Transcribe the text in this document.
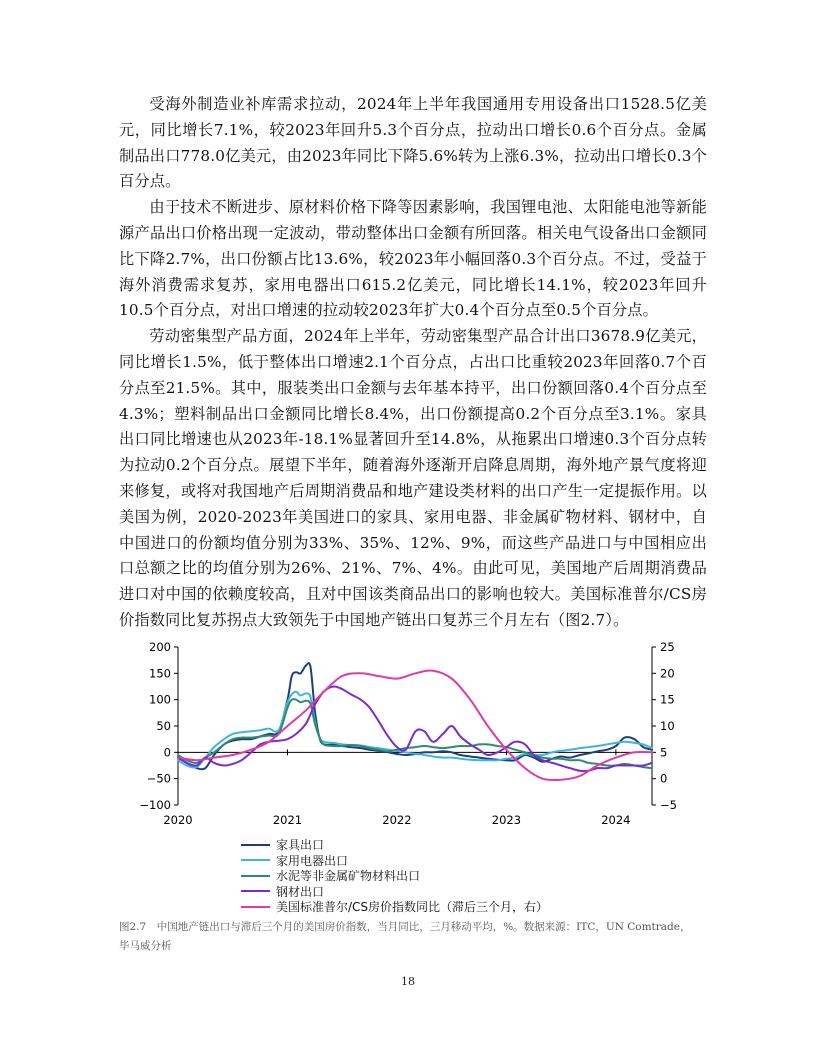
受海外制造业补库需求拉动，2024年上半年我国通用专用设备出口1528.5亿美元，同比增长7.1%，较2023年回升5.3个百分点，拉动出口增长0.6个百分点。金属制品出口778.0亿美元，由2023年同比下降5.6%转为上涨6.3%，拉动出口增长0.3个百分点。

由于技术不断进步、原材料价格下降等因素影响，我国锂电池、太阳能电池等新能源产品出口价格出现一定波动，带动整体出口金额有所回落。相关电气设备出口金额同比下降2.7%，出口份额占比13.6%，较2023年小幅回落0.3个百分点。不过，受益于海外消费需求复苏，家用电器出口615.2亿美元，同比增长14.1%，较2023年回升10.5个百分点，对出口增速的拉动较2023年扩大0.4个百分点至0.5个百分点。

劳动密集型产品方面，2024年上半年，劳动密集型产品合计出口3678.9亿美元，同比增长1.5%，低于整体出口增速2.1个百分点，占出口比重较2023年回落0.7个百分点至21.5%。其中，服装类出口金额与去年基本持平，出口份额回落0.4个百分点至4.3%；塑料制品出口金额同比增长8.4%，出口份额提高0.2个百分点至3.1%。家具出口同比增速也从2023年-18.1%显著回升至14.8%，从拖累出口增速0.3个百分点转为拉动0.2个百分点。展望下半年，随着海外逐渐开启降息周期，海外地产景气度将迎来修复，或将对我国地产后周期消费品和地产建设类材料的出口产生一定提振作用。以美国为例，2020-2023年美国进口的家具、家用电器、非金属矿物材料、钢材中，自中国进口的份额均值分别为33%、35%、12%、9%，而这些产品进口与中国相应出口总额之比的均值分别为26%、21%、7%、4%。由此可见，美国地产后周期消费品进口对中国的依赖度较高，且对中国该类商品出口的影响也较大。美国标准普尔/CS房价指数同比复苏拐点大致领先于中国地产链出口复苏三个月左右（图2.7）。

200
150
100
50
0
−50
−100
25
20
15
10
5
0
−5
2020	2021	2022	2023	2024
家具出口
家用电器出口
水泥等非金属矿物材料出口
钢材出口
美国标准普尔/CS房价指数同比（滞后三个月，右）
图2.7　中国地产链出口与滞后三个月的美国房价指数，当月同比，三月移动平均，%。数据来源：ITC，UN Comtrade，毕马威分析
18
